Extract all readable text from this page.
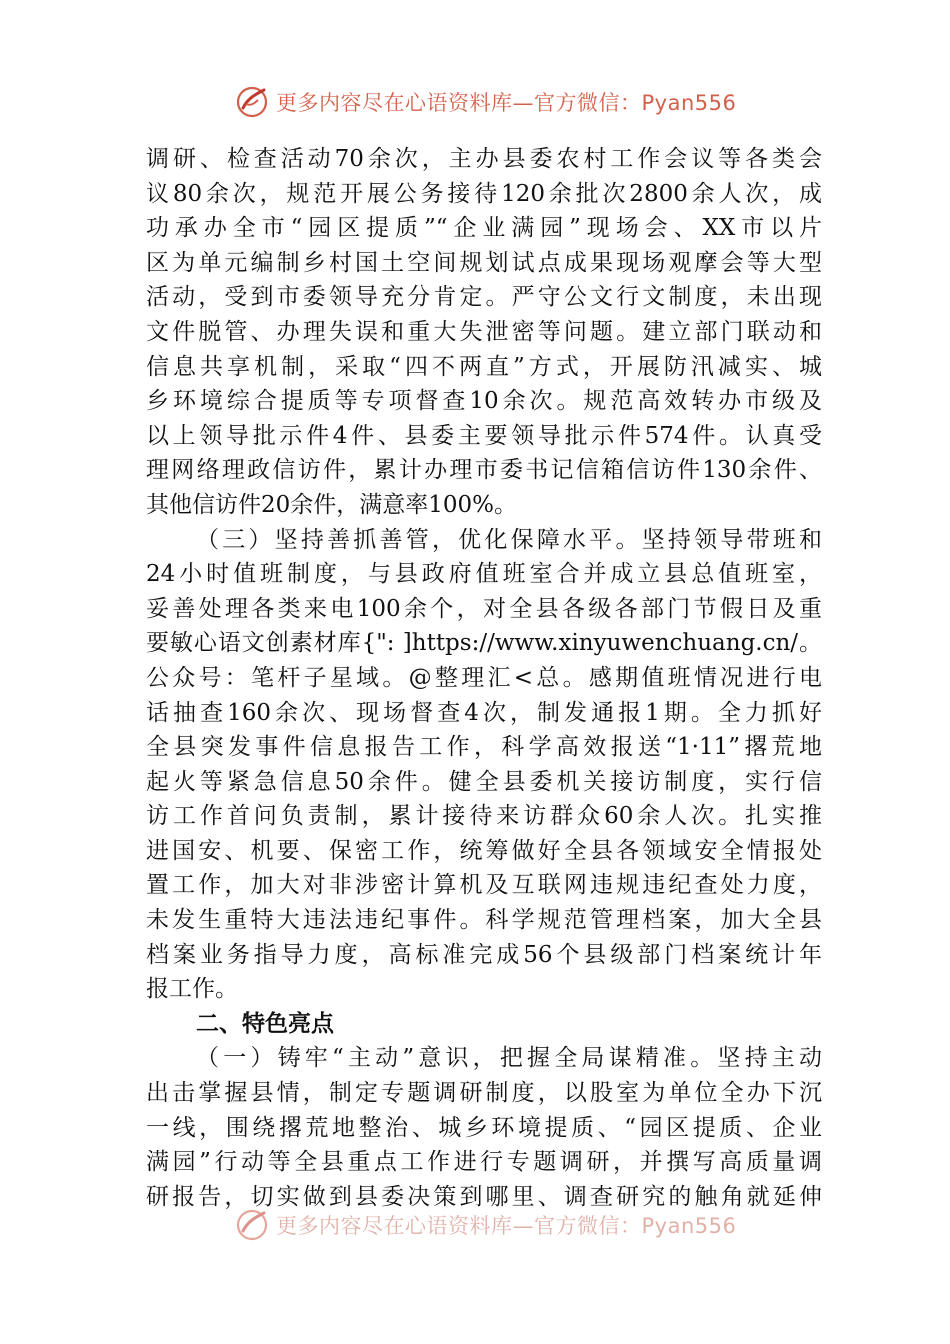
更多内容尽在心语资料库—官方微信：Pyan556
调研、检查活动70余次，主办县委农村工作会议等各类会
议80余次，规范开展公务接待120余批次2800余人次，成
功承办全市“园区提质”“企业满园”现场会、XX市以片
区为单元编制乡村国土空间规划试点成果现场观摩会等大型
活动，受到市委领导充分肯定。严守公文行文制度，未出现
文件脱管、办理失误和重大失泄密等问题。建立部门联动和
信息共享机制，采取“四不两直”方式，开展防汛减实、城
乡环境综合提质等专项督查10余次。规范高效转办市级及
以上领导批示件4件、县委主要领导批示件574件。认真受
理网络理政信访件，累计办理市委书记信箱信访件130余件、
其他信访件20余件，满意率100%。
（三）坚持善抓善管，优化保障水平。坚持领导带班和
24小时值班制度，与县政府值班室合并成立县总值班室，
妥善处理各类来电100余个，对全县各级各部门节假日及重
要敏心语文创素材库{": ]https://www.xinyuwenchuang.cn/。
公众号：笔杆子星域。@整理汇<总。感期值班情况进行电
话抽查160余次、现场督查4次，制发通报1期。全力抓好
全县突发事件信息报告工作，科学高效报送“1·11”撂荒地
起火等紧急信息50余件。健全县委机关接访制度，实行信
访工作首问负责制，累计接待来访群众60余人次。扎实推
进国安、机要、保密工作，统筹做好全县各领域安全情报处
置工作，加大对非涉密计算机及互联网违规违纪查处力度，
未发生重特大违法违纪事件。科学规范管理档案，加大全县
档案业务指导力度，高标准完成56个县级部门档案统计年
报工作。
二、特色亮点
（一）铸牢“主动”意识，把握全局谋精准。坚持主动
出击掌握县情，制定专题调研制度，以股室为单位全办下沉
一线，围绕撂荒地整治、城乡环境提质、“园区提质、企业
满园”行动等全县重点工作进行专题调研，并撰写高质量调
研报告，切实做到县委决策到哪里、调查研究的触角就延伸
更多内容尽在心语资料库—官方微信：Pyan556
